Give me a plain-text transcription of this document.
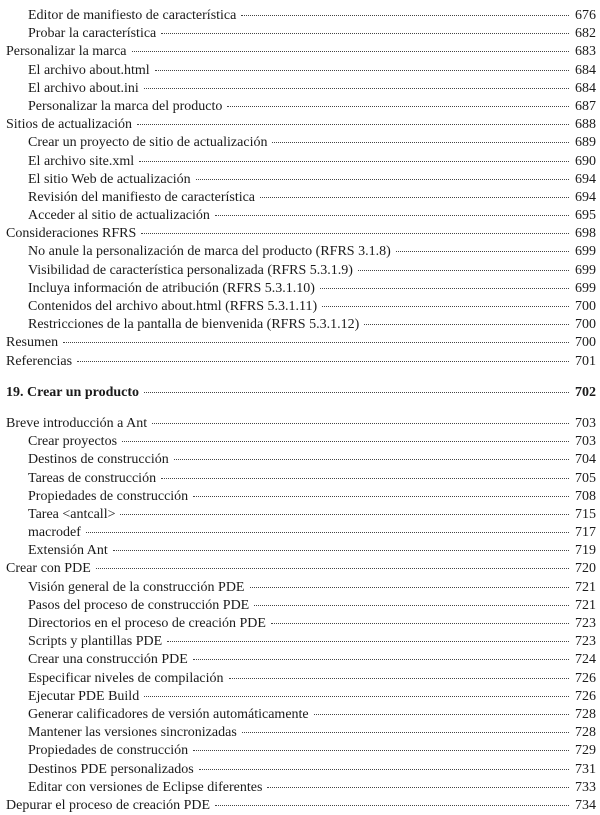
Editor de manifiesto de característica	676
Probar la característica	682
Personalizar la marca	683
El archivo about.html	684
El archivo about.ini	684
Personalizar la marca del producto	687
Sitios de actualización	688
Crear un proyecto de sitio de actualización	689
El archivo site.xml	690
El sitio Web de actualización	694
Revisión del manifiesto de característica	694
Acceder al sitio de actualización	695
Consideraciones RFRS	698
No anule la personalización de marca del producto (RFRS 3.1.8)	699
Visibilidad de característica personalizada (RFRS 5.3.1.9)	699
Incluya información de atribución (RFRS 5.3.1.10)	699
Contenidos del archivo about.html (RFRS 5.3.1.11)	700
Restricciones de la pantalla de bienvenida (RFRS 5.3.1.12)	700
Resumen	700
Referencias	701
19. Crear un producto	702
Breve introducción a Ant	703
Crear proyectos	703
Destinos de construcción	704
Tareas de construcción	705
Propiedades de construcción	708
Tarea <antcall>	715
macrodef	717
Extensión Ant	719
Crear con PDE	720
Visión general de la construcción PDE	721
Pasos del proceso de construcción PDE	721
Directorios en el proceso de creación PDE	723
Scripts y plantillas PDE	723
Crear una construcción PDE	724
Especificar niveles de compilación	726
Ejecutar PDE Build	726
Generar calificadores de versión automáticamente	728
Mantener las versiones sincronizadas	728
Propiedades de construcción	729
Destinos PDE personalizados	731
Editar con versiones de Eclipse diferentes	733
Depurar el proceso de creación PDE	734
